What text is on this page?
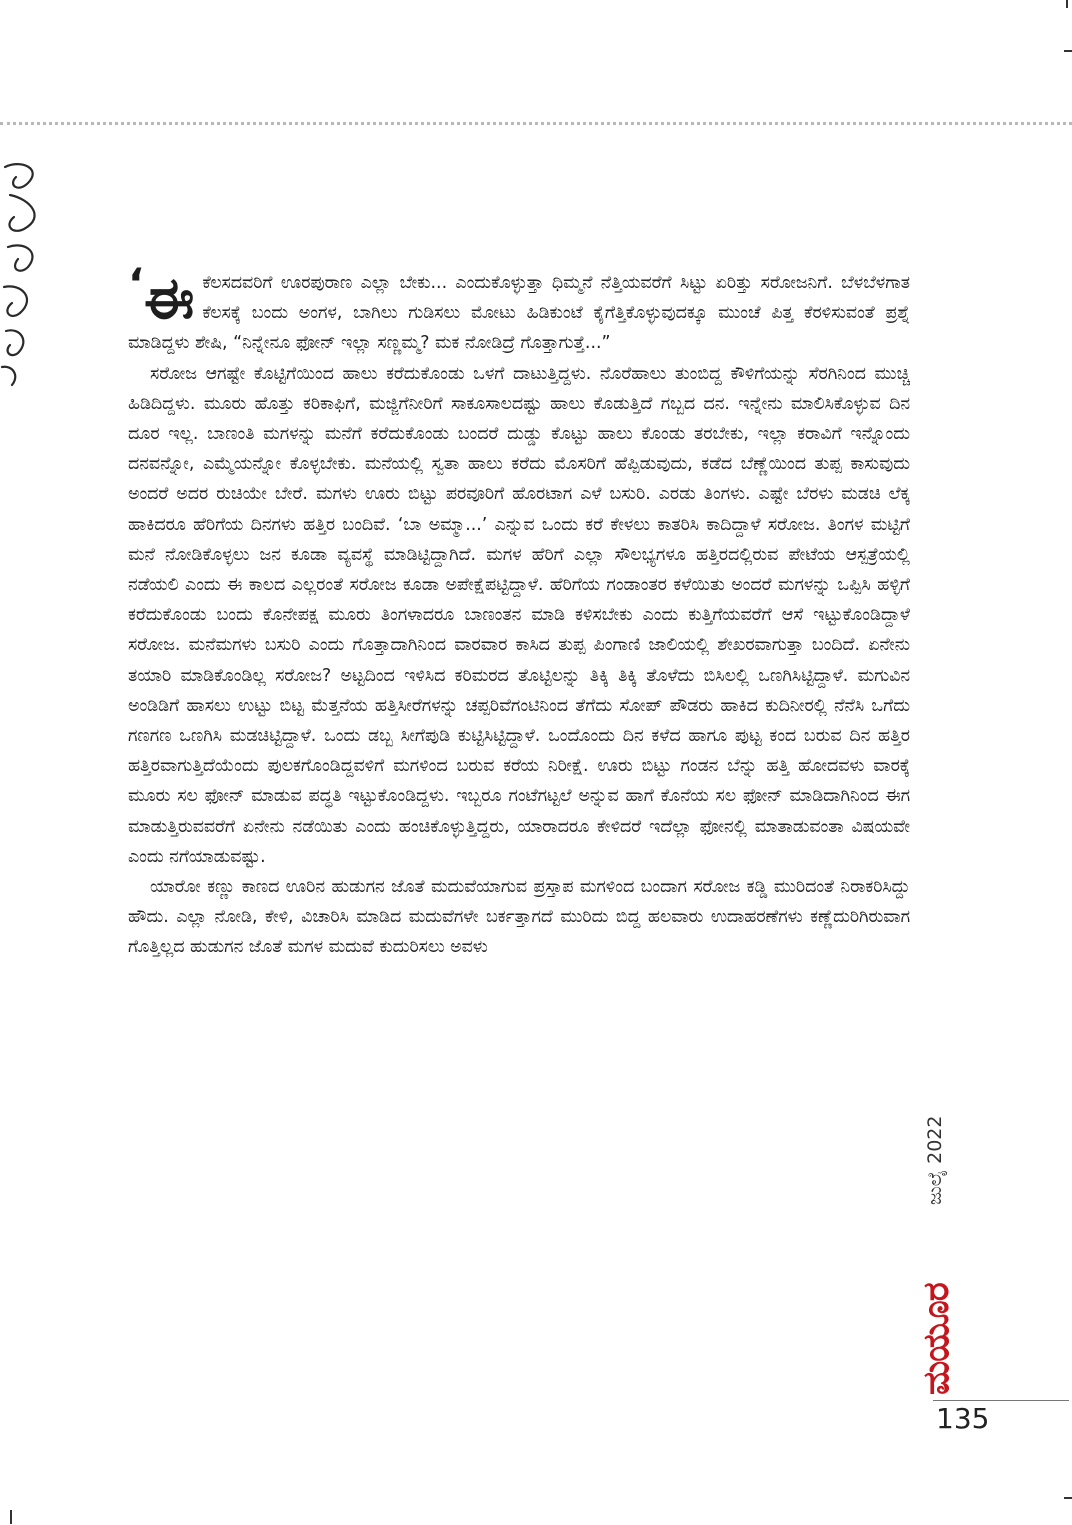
‘ ಈ ಕೆಲಸದವರಿಗೆ ಊರಪುರಾಣ ಎಲ್ಲಾ ಬೇಕು... ಎಂದುಕೊಳ್ಳುತ್ತಾ ಧಿಮ್ಮನೆ ನೆತ್ತಿಯವರೆಗೆ ಸಿಟ್ಟು ಏರಿತ್ತು ಸರೋಜನಿಗೆ. ಬೆಳಬೆಳಗಾತ ಕೆಲಸಕ್ಕೆ ಬಂದು ಅಂಗಳ, ಬಾಗಿಲು ಗುಡಿಸಲು ಮೋಟು ಹಿಡಿಕುಂಟೆ ಕೈಗೆತ್ತಿಕೊಳ್ಳುವುದಕ್ಕೂ ಮುಂಚೆ ಪಿತ್ತ ಕೆರಳಿಸುವಂತೆ ಪ್ರಶ್ನೆ ಮಾಡಿದ್ದಳು ಶೇಷಿ, “ನಿನ್ನೇನೂ ಫೋನ್ ಇಲ್ಲಾ ಸಣ್ಣಮ್ಮ? ಮಕ ನೋಡಿದ್ರೆ ಗೊತ್ತಾಗುತ್ತೆ...”

ಸರೋಜ ಆಗಷ್ಟೇ ಕೊಟ್ಟಿಗೆಯಿಂದ ಹಾಲು ಕರೆದುಕೊಂಡು ಒಳಗೆ ದಾಟುತ್ತಿದ್ದಳು. ನೊರೆಹಾಲು ತುಂಬಿದ್ದ ಕೌಳಿಗೆಯನ್ನು ಸೆರಗಿನಿಂದ ಮುಚ್ಚಿ ಹಿಡಿದಿದ್ದಳು. ಮೂರು ಹೊತ್ತು ಕರಿಕಾಫಿಗೆ, ಮಜ್ಜಿಗೆನೀರಿಗೆ ಸಾಕೂಸಾಲದಷ್ಟು ಹಾಲು ಕೊಡುತ್ತಿದೆ ಗಬ್ಬದ ದನ. ಇನ್ನೇನು ಮಾಲಿಸಿಕೊಳ್ಳುವ ದಿನ ದೂರ ಇಲ್ಲ. ಬಾಣಂತಿ ಮಗಳನ್ನು ಮನೆಗೆ ಕರೆದುಕೊಂಡು ಬಂದರೆ ದುಡ್ಡು ಕೊಟ್ಟು ಹಾಲು ಕೊಂಡು ತರಬೇಕು, ಇಲ್ಲಾ ಕರಾವಿಗೆ ಇನ್ನೊಂದು ದನವನ್ನೋ, ಎಮ್ಮೆಯನ್ನೋ ಕೊಳ್ಳಬೇಕು. ಮನೆಯಲ್ಲಿ ಸ್ವತಾ ಹಾಲು ಕರೆದು ಮೊಸರಿಗೆ ಹೆಪ್ಪಿಡುವುದು, ಕಡೆದ ಬೆಣ್ಣೆಯಿಂದ ತುಪ್ಪ ಕಾಸುವುದು ಅಂದರೆ ಅದರ ರುಚಿಯೇ ಬೇರೆ. ಮಗಳು ಊರು ಬಿಟ್ಟು ಪರವೂರಿಗೆ ಹೊರಟಾಗ ಎಳೆ ಬಸುರಿ. ಎರಡು ತಿಂಗಳು. ಎಷ್ಟೇ ಬೆರಳು ಮಡಚಿ ಲೆಕ್ಕ ಹಾಕಿದರೂ ಹೆರಿಗೆಯ ದಿನಗಳು ಹತ್ತಿರ ಬಂದಿವೆ. ‘ಬಾ ಅಮ್ಮಾ...’ ಎನ್ನುವ ಒಂದು ಕರೆ ಕೇಳಲು ಕಾತರಿಸಿ ಕಾದಿದ್ದಾಳೆ ಸರೋಜ. ತಿಂಗಳ ಮಟ್ಟಿಗೆ ಮನೆ ನೋಡಿಕೊಳ್ಳಲು ಜನ ಕೂಡಾ ವ್ಯವಸ್ಥೆ ಮಾಡಿಟ್ಟಿದ್ದಾಗಿದೆ. ಮಗಳ ಹೆರಿಗೆ ಎಲ್ಲಾ ಸೌಲಭ್ಯಗಳೂ ಹತ್ತಿರದಲ್ಲಿರುವ ಪೇಟೆಯ ಆಸ್ಪತ್ರೆಯಲ್ಲಿ ನಡೆಯಲಿ ಎಂದು ಈ ಕಾಲದ ಎಲ್ಲರಂತೆ ಸರೋಜ ಕೂಡಾ ಅಪೇಕ್ಷೆಪಟ್ಟಿದ್ದಾಳೆ. ಹೆರಿಗೆಯ ಗಂಡಾಂತರ ಕಳೆಯಿತು ಅಂದರೆ ಮಗಳನ್ನು ಒಪ್ಪಿಸಿ ಹಳ್ಳಿಗೆ ಕರೆದುಕೊಂಡು ಬಂದು ಕೊನೇಪಕ್ಷ ಮೂರು ತಿಂಗಳಾದರೂ ಬಾಣಂತನ ಮಾಡಿ ಕಳಿಸಬೇಕು ಎಂದು ಕುತ್ತಿಗೆಯವರೆಗೆ ಆಸೆ ಇಟ್ಟುಕೊಂಡಿದ್ದಾಳೆ ಸರೋಜ. ಮನೆಮಗಳು ಬಸುರಿ ಎಂದು ಗೊತ್ತಾದಾಗಿನಿಂದ ವಾರವಾರ ಕಾಸಿದ ತುಪ್ಪ ಪಿಂಗಾಣಿ ಜಾಲಿಯಲ್ಲಿ ಶೇಖರವಾಗುತ್ತಾ ಬಂದಿದೆ. ಏನೇನು ತಯಾರಿ ಮಾಡಿಕೊಂಡಿಲ್ಲ ಸರೋಜ? ಅಟ್ಟದಿಂದ ಇಳಿಸಿದ ಕರಿಮರದ ತೊಟ್ಟಿಲನ್ನು ತಿಕ್ಕಿ ತಿಕ್ಕಿ ತೊಳೆದು ಬಿಸಿಲಲ್ಲಿ ಒಣಗಿಸಿಟ್ಟಿದ್ದಾಳೆ. ಮಗುವಿನ ಅಂಡಿಡಿಗೆ ಹಾಸಲು ಉಟ್ಟು ಬಿಟ್ಟ ಮೆತ್ತನೆಯ ಹತ್ತಿಸೀರೆಗಳನ್ನು ಚಪ್ಪರಿವೆಗಂಟಿನಿಂದ ತೆಗೆದು ಸೋಪ್ ಪೌಡರು ಹಾಕಿದ ಕುದಿನೀರಲ್ಲಿ ನೆನೆಸಿ ಒಗೆದು ಗಣಗಣ ಒಣಗಿಸಿ ಮಡಚಿಟ್ಟಿದ್ದಾಳೆ. ಒಂದು ಡಬ್ಬ ಸೀಗೆಪುಡಿ ಕುಟ್ಟಿಸಿಟ್ಟಿದ್ದಾಳೆ. ಒಂದೊಂದು ದಿನ ಕಳೆದ ಹಾಗೂ ಪುಟ್ಟ ಕಂದ ಬರುವ ದಿನ ಹತ್ತಿರ ಹತ್ತಿರವಾಗುತ್ತಿದೆಯೆಂದು ಪುಲಕಗೊಂಡಿದ್ದವಳಿಗೆ ಮಗಳಿಂದ ಬರುವ ಕರೆಯ ನಿರೀಕ್ಷೆ. ಊರು ಬಿಟ್ಟು ಗಂಡನ ಬೆನ್ನು ಹತ್ತಿ ಹೋದವಳು ವಾರಕ್ಕೆ ಮೂರು ಸಲ ಫೋನ್ ಮಾಡುವ ಪದ್ಧತಿ ಇಟ್ಟುಕೊಂಡಿದ್ದಳು. ಇಬ್ಬರೂ ಗಂಟೆಗಟ್ಟಲೆ ಅನ್ನುವ ಹಾಗೆ ಕೊನೆಯ ಸಲ ಫೋನ್ ಮಾಡಿದಾಗಿನಿಂದ ಈಗ ಮಾಡುತ್ತಿರುವವರೆಗೆ ಏನೇನು ನಡೆಯಿತು ಎಂದು ಹಂಚಿಕೊಳ್ಳುತ್ತಿದ್ದರು, ಯಾರಾದರೂ ಕೇಳಿದರೆ ಇದೆಲ್ಲಾ ಫೋನಲ್ಲಿ ಮಾತಾಡುವಂತಾ ವಿಷಯವೇ ಎಂದು ನಗೆಯಾಡುವಷ್ಟು.

ಯಾರೋ ಕಣ್ಣು ಕಾಣದ ಊರಿನ ಹುಡುಗನ ಜೊತೆ ಮದುವೆಯಾಗುವ ಪ್ರಸ್ತಾಪ ಮಗಳಿಂದ ಬಂದಾಗ ಸರೋಜ ಕಡ್ಡಿ ಮುರಿದಂತೆ ನಿರಾಕರಿಸಿದ್ದು ಹೌದು. ಎಲ್ಲಾ ನೋಡಿ, ಕೇಳಿ, ವಿಚಾರಿಸಿ ಮಾಡಿದ ಮದುವೆಗಳೇ ಬರ್ಕತ್ತಾಗದೆ ಮುರಿದು ಬಿದ್ದ ಹಲವಾರು ಉದಾಹರಣೆಗಳು ಕಣ್ಣೆದುರಿಗಿರುವಾಗ ಗೊತ್ತಿಲ್ಲದ ಹುಡುಗನ ಜೊತೆ ಮಗಳ ಮದುವೆ ಕುದುರಿಸಲು ಅವಳು

ಜುಲೈ 2022
ಮಯೂರ
135
